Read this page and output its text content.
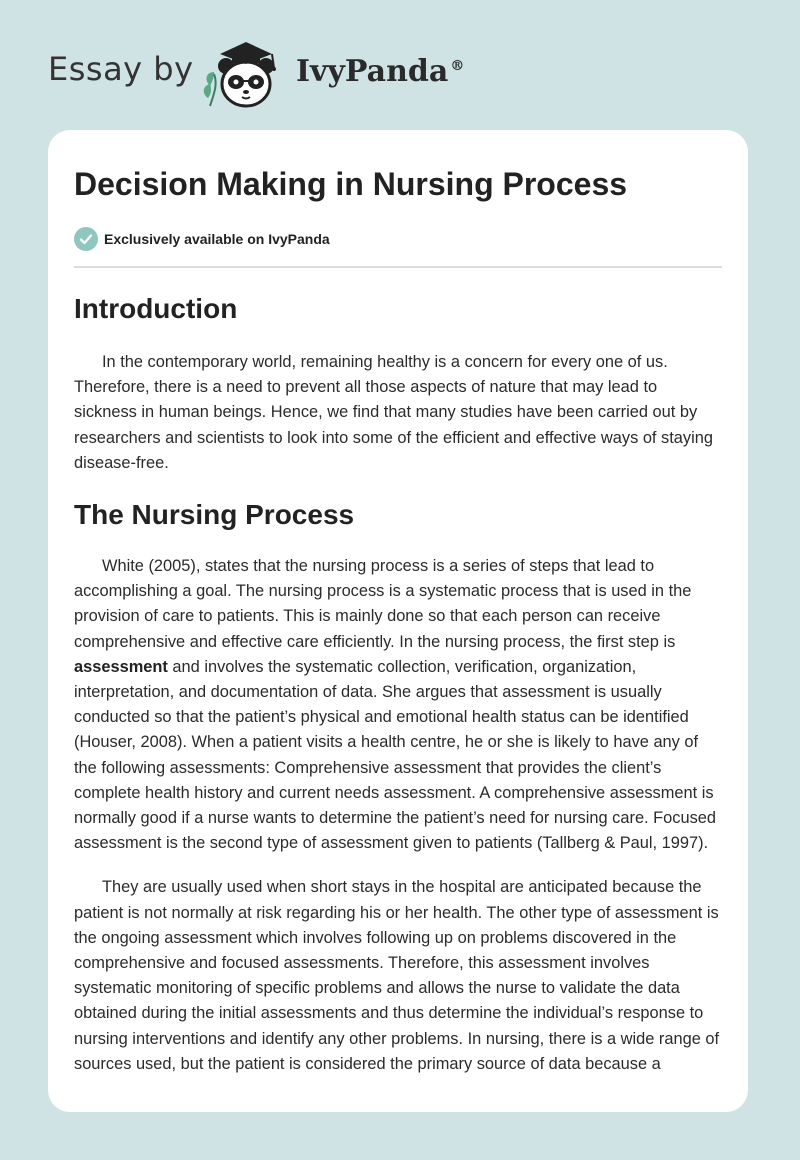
Essay by	IvyPanda ®
Decision Making in Nursing Process
Exclusively available on IvyPanda
Introduction

In the contemporary world, remaining healthy is a concern for every one of us. Therefore, there is a need to prevent all those aspects of nature that may lead to sickness in human beings. Hence, we find that many studies have been carried out by researchers and scientists to look into some of the efficient and effective ways of staying disease-free.

The Nursing Process

White (2005), states that the nursing process is a series of steps that lead to accomplishing a goal. The nursing process is a systematic process that is used in the provision of care to patients. This is mainly done so that each person can receive comprehensive and effective care efficiently. In the nursing process, the first step is assessment and involves the systematic collection, verification, organization, interpretation, and documentation of data. She argues that assessment is usually conducted so that the patient’s physical and emotional health status can be identified (Houser, 2008). When a patient visits a health centre, he or she is likely to have any of the following assessments: Comprehensive assessment that provides the client’s complete health history and current needs assessment. A comprehensive assessment is normally good if a nurse wants to determine the patient’s need for nursing care. Focused assessment is the second type of assessment given to patients (Tallberg & Paul, 1997).

They are usually used when short stays in the hospital are anticipated because the patient is not normally at risk regarding his or her health. The other type of assessment is the ongoing assessment which involves following up on problems discovered in the comprehensive and focused assessments. Therefore, this assessment involves systematic monitoring of specific problems and allows the nurse to validate the data obtained during the initial assessments and thus determine the individual’s response to nursing interventions and identify any other problems. In nursing, there is a wide range of sources used, but the patient is considered the primary source of data because a
